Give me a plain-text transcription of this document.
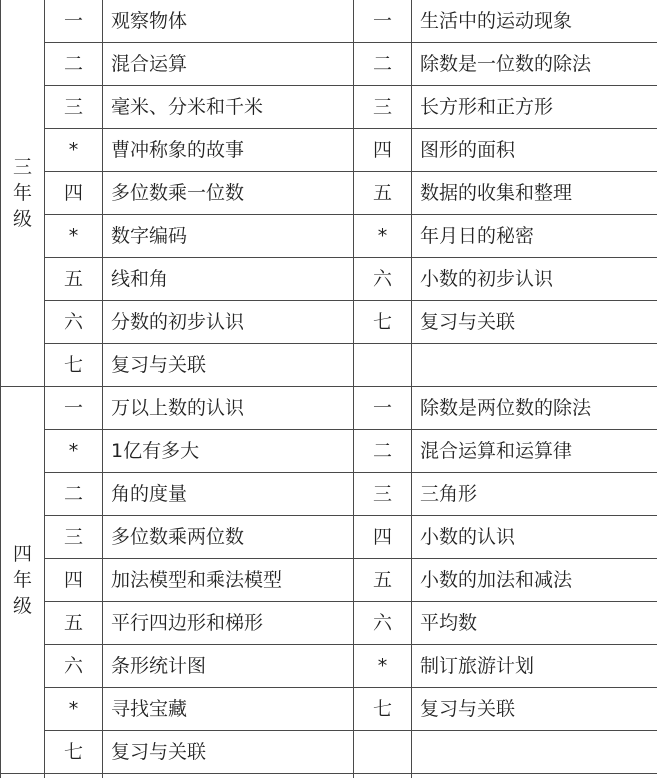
三
年
级	一	观察物体	一	生活中的运动现象
	二	混合运算	二	除数是一位数的除法
	三	毫米、分米和千米	三	长方形和正方形
	*	曹冲称象的故事	四	图形的面积
	四	多位数乘一位数	五	数据的收集和整理
	*	数字编码	*	年月日的秘密
	五	线和角	六	小数的初步认识
	六	分数的初步认识	七	复习与关联
	七	复习与关联		

四
年
级	一	万以上数的认识	一	除数是两位数的除法
	*	1亿有多大	二	混合运算和运算律
	二	角的度量	三	三角形
	三	多位数乘两位数	四	小数的认识
	四	加法模型和乘法模型	五	小数的加法和减法
	五	平行四边形和梯形	六	平均数
	六	条形统计图	*	制订旅游计划
	*	寻找宝藏	七	复习与关联
	七	复习与关联		
